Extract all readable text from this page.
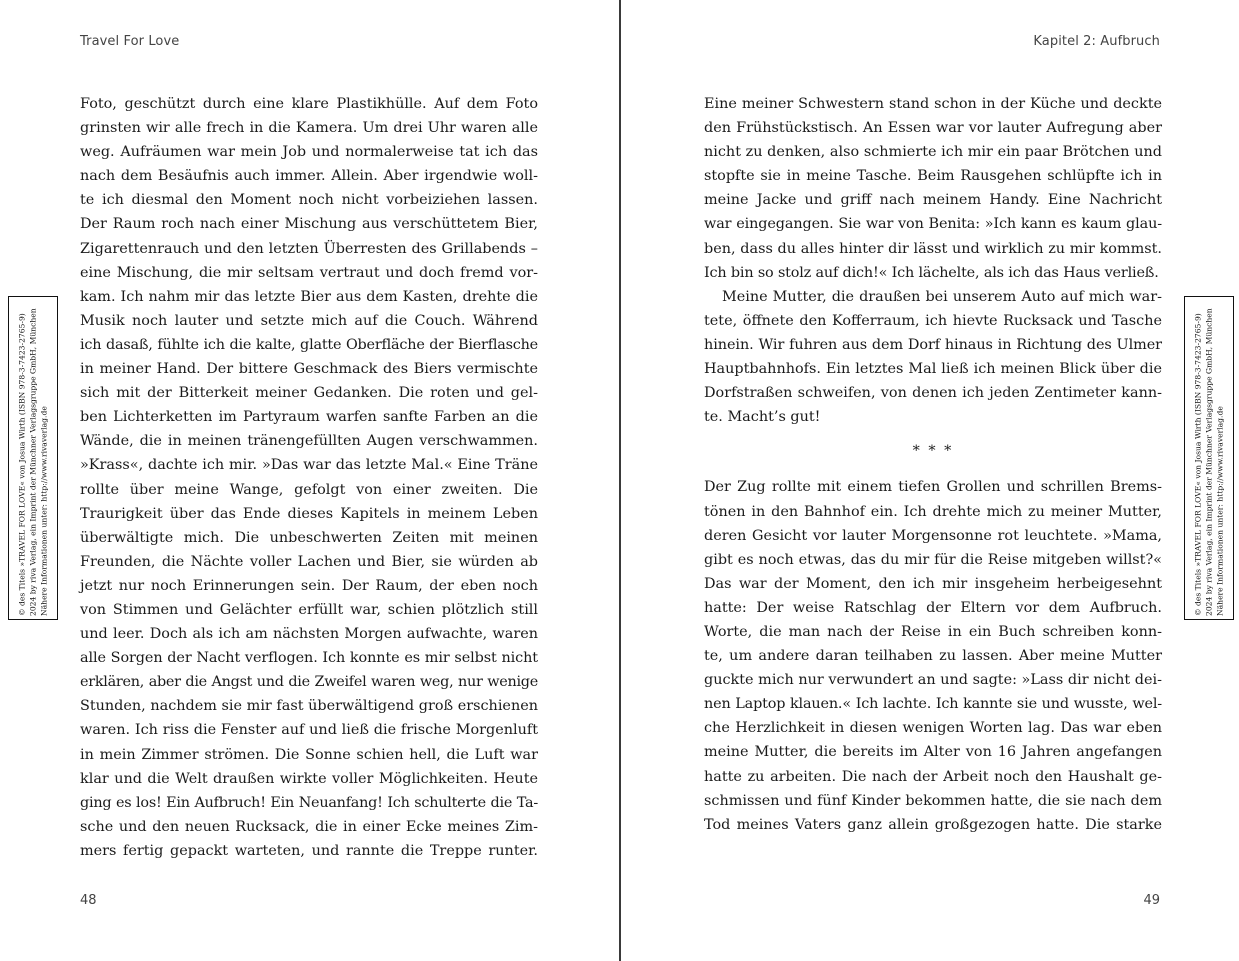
Travel For Love
Foto, geschützt durch eine klare Plastikhülle. Auf dem Foto
grinsten wir alle frech in die Kamera. Um drei Uhr waren alle
weg. Aufräumen war mein Job und normalerweise tat ich das
nach dem Besäufnis auch immer. Allein. Aber irgendwie woll-
te ich diesmal den Moment noch nicht vorbeiziehen lassen.
Der Raum roch nach einer Mischung aus verschüttetem Bier,
Zigarettenrauch und den letzten Überresten des Grillabends –
eine Mischung, die mir seltsam vertraut und doch fremd vor-
kam. Ich nahm mir das letzte Bier aus dem Kasten, drehte die
Musik noch lauter und setzte mich auf die Couch. Während
ich dasaß, fühlte ich die kalte, glatte Oberfläche der Bierflasche
in meiner Hand. Der bittere Geschmack des Biers vermischte
sich mit der Bitterkeit meiner Gedanken. Die roten und gel-
ben Lichterketten im Partyraum warfen sanfte Farben an die
Wände, die in meinen tränengefüllten Augen verschwammen.
»Krass«, dachte ich mir. »Das war das letzte Mal.« Eine Träne
rollte über meine Wange, gefolgt von einer zweiten. Die
Traurigkeit über das Ende dieses Kapitels in meinem Leben
überwältigte mich. Die unbeschwerten Zeiten mit meinen
Freunden, die Nächte voller Lachen und Bier, sie würden ab
jetzt nur noch Erinnerungen sein. Der Raum, der eben noch
von Stimmen und Gelächter erfüllt war, schien plötzlich still
und leer. Doch als ich am nächsten Morgen aufwachte, waren
alle Sorgen der Nacht verflogen. Ich konnte es mir selbst nicht
erklären, aber die Angst und die Zweifel waren weg, nur wenige
Stunden, nachdem sie mir fast überwältigend groß erschienen
waren. Ich riss die Fenster auf und ließ die frische Morgenluft
in mein Zimmer strömen. Die Sonne schien hell, die Luft war
klar und die Welt draußen wirkte voller Möglichkeiten. Heute
ging es los! Ein Aufbruch! Ein Neuanfang! Ich schulterte die Ta-
sche und den neuen Rucksack, die in einer Ecke meines Zim-
mers fertig gepackt warteten, und rannte die Treppe runter.
48
© des Titels »TRAVEL FOR LOVE« von Josua Wirth (ISBN 978-3-7423-2765-9) 2024 by riva Verlag, ein Imprint der Münchner Verlagsgruppe GmbH, München Nähere Informationen unter: http://www.rivaverlag.de
Kapitel 2: Aufbruch
Eine meiner Schwestern stand schon in der Küche und deckte
den Frühstückstisch. An Essen war vor lauter Aufregung aber
nicht zu denken, also schmierte ich mir ein paar Brötchen und
stopfte sie in meine Tasche. Beim Rausgehen schlüpfte ich in
meine Jacke und griff nach meinem Handy. Eine Nachricht
war eingegangen. Sie war von Benita: »Ich kann es kaum glau-
ben, dass du alles hinter dir lässt und wirklich zu mir kommst.
Ich bin so stolz auf dich!« Ich lächelte, als ich das Haus verließ.
Meine Mutter, die draußen bei unserem Auto auf mich war-
tete, öffnete den Kofferraum, ich hievte Rucksack und Tasche
hinein. Wir fuhren aus dem Dorf hinaus in Richtung des Ulmer
Hauptbahnhofs. Ein letztes Mal ließ ich meinen Blick über die
Dorfstraßen schweifen, von denen ich jeden Zentimeter kann-
te. Macht’s gut!
* * *
Der Zug rollte mit einem tiefen Grollen und schrillen Brems-
tönen in den Bahnhof ein. Ich drehte mich zu meiner Mutter,
deren Gesicht vor lauter Morgensonne rot leuchtete. »Mama,
gibt es noch etwas, das du mir für die Reise mitgeben willst?«
Das war der Moment, den ich mir insgeheim herbeigesehnt
hatte: Der weise Ratschlag der Eltern vor dem Aufbruch.
Worte, die man nach der Reise in ein Buch schreiben konn-
te, um andere daran teilhaben zu lassen. Aber meine Mutter
guckte mich nur verwundert an und sagte: »Lass dir nicht dei-
nen Laptop klauen.« Ich lachte. Ich kannte sie und wusste, wel-
che Herzlichkeit in diesen wenigen Worten lag. Das war eben
meine Mutter, die bereits im Alter von 16 Jahren angefangen
hatte zu arbeiten. Die nach der Arbeit noch den Haushalt ge-
schmissen und fünf Kinder bekommen hatte, die sie nach dem
Tod meines Vaters ganz allein großgezogen hatte. Die starke
49
© des Titels »TRAVEL FOR LOVE« von Josua Wirth (ISBN 978-3-7423-2765-9) 2024 by riva Verlag, ein Imprint der Münchner Verlagsgruppe GmbH, München Nähere Informationen unter: http://www.rivaverlag.de
